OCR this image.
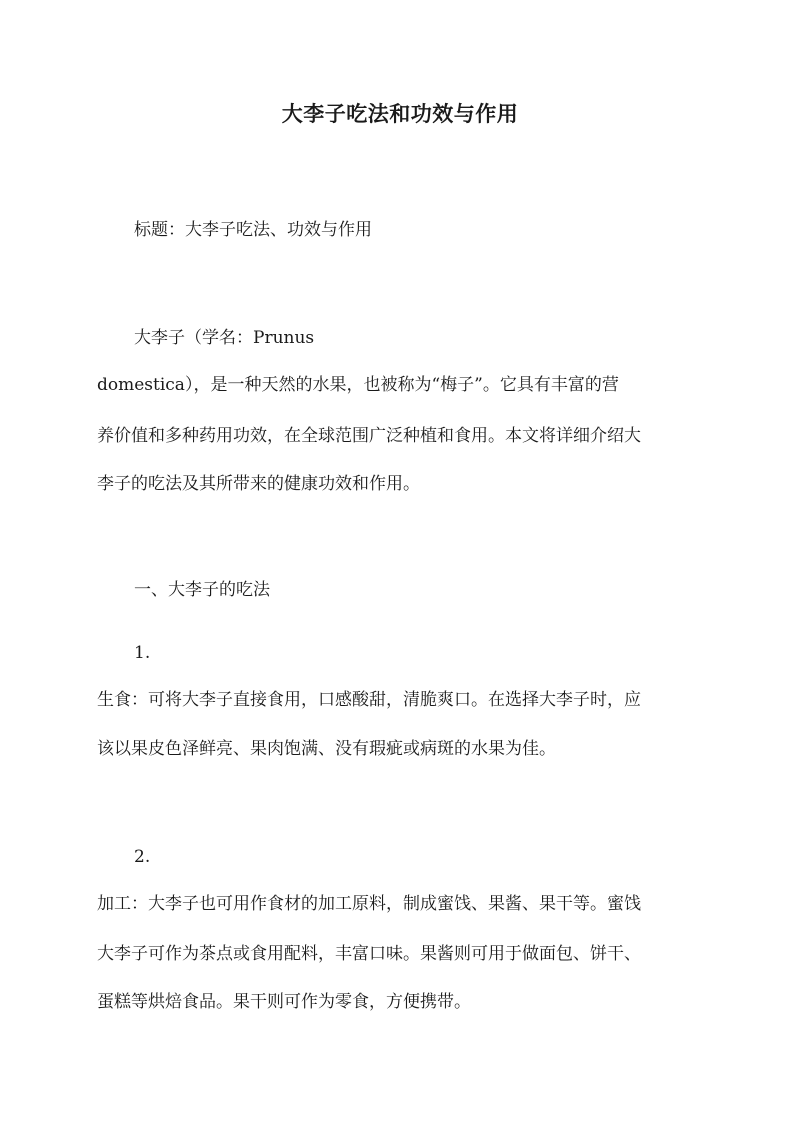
大李子吃法和功效与作用

标题：大李子吃法、功效与作用

大李子（学名：Prunus

domestica），是一种天然的水果，也被称为“梅子”。它具有丰富的营

养价值和多种药用功效，在全球范围广泛种植和食用。本文将详细介绍大

李子的吃法及其所带来的健康功效和作用。

一、大李子的吃法

1.

生食：可将大李子直接食用，口感酸甜，清脆爽口。在选择大李子时，应

该以果皮色泽鲜亮、果肉饱满、没有瑕疵或病斑的水果为佳。

2.

加工：大李子也可用作食材的加工原料，制成蜜饯、果酱、果干等。蜜饯

大李子可作为茶点或食用配料，丰富口味。果酱则可用于做面包、饼干、

蛋糕等烘焙食品。果干则可作为零食，方便携带。
